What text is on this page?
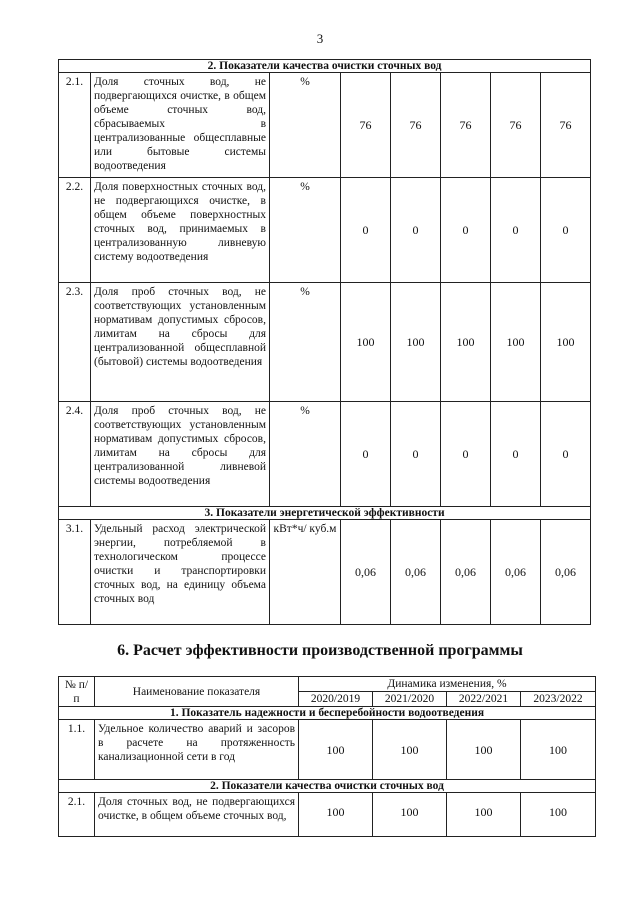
3
2. Показатели качества очистки сточных вод							
2.1.	Доля сточных вод, не подвергающихся очистке, в общем объеме сточных вод, сбрасываемых в централизованные общесплавные или бытовые системы водоотведения	%	76	76	76	76	76
2.2.	Доля поверхностных сточных вод, не подвергающихся очистке, в общем объеме поверхностных сточных вод, принимаемых в централизованную ливневую систему водоотведения	%	0	0	0	0	0
2.3.	Доля проб сточных вод, не соответствующих установленным нормативам допустимых сбросов, лимитам на сбросы для централизованной общесплавной (бытовой) системы водоотведения	%	100	100	100	100	100
2.4.	Доля проб сточных вод, не соответствующих установленным нормативам допустимых сбросов, лимитам на сбросы для централизованной ливневой системы водоотведения	%	0	0	0	0	0
3. Показатели энергетической эффективности							
3.1.	Удельный расход электрической энергии, потребляемой в технологическом процессе очистки и транспортировки сточных вод, на единицу объема сточных вод	кВт*ч/ куб.м	0,06	0,06	0,06	0,06	0,06
6. Расчет эффективности производственной программы
№ п/п	Наименование показателя	Динамика изменения, %			
		2020/2019	2021/2020	2022/2021	2023/2022
1. Показатель надежности и бесперебойности водоотведения					
1.1.	Удельное количество аварий и засоров в расчете на протяженность канализационной сети в год	100	100	100	100
2. Показатели качества очистки сточных вод					
2.1.	Доля сточных вод, не подвергающихся очистке, в общем объеме сточных вод,	100	100	100	100
